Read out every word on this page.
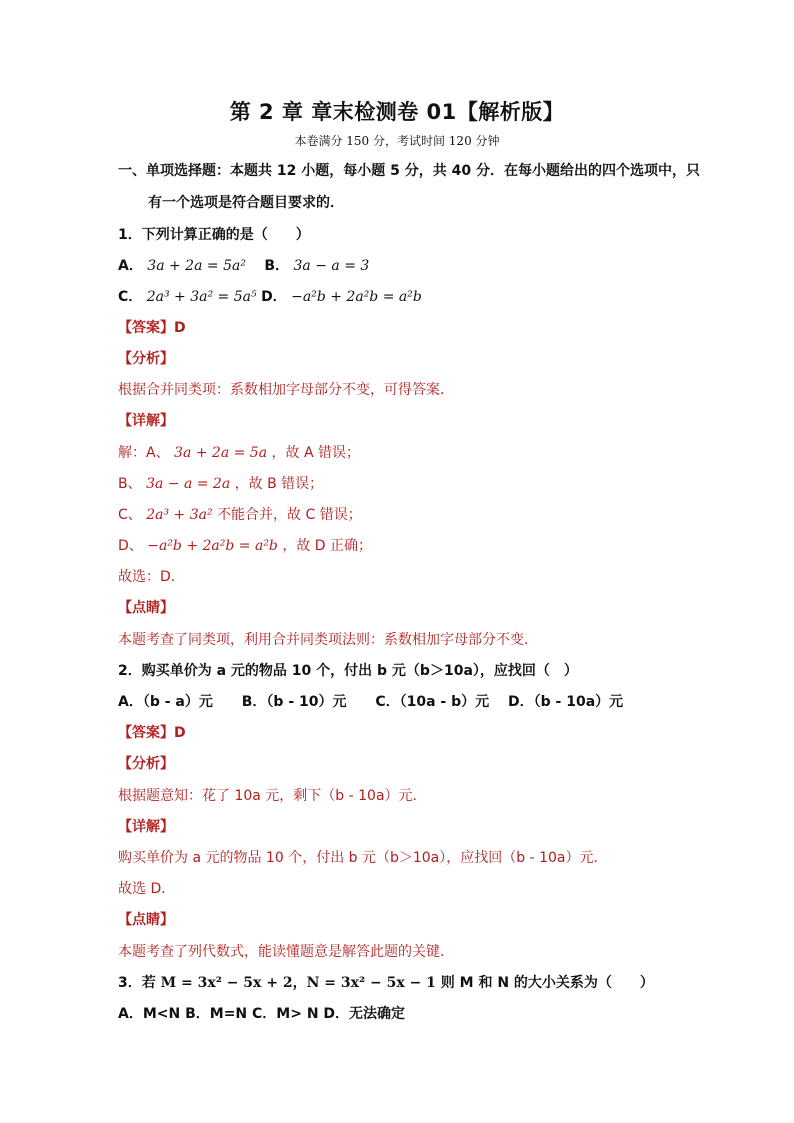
第 2 章 章末检测卷 01【解析版】
本卷满分 150 分，考试时间 120 分钟
一、单项选择题：本题共 12 小题，每小题 5 分，共 40 分．在每小题给出的四个选项中，只
有一个选项是符合题目要求的．
1．下列计算正确的是（　　）
A． 3a + 2a = 5a² B． 3a − a = 3
C． 2a³ + 3a² = 5a⁵ D． −a²b + 2a²b = a²b
【答案】D
【分析】
根据合并同类项：系数相加字母部分不变，可得答案．
【详解】
解：A、 3a + 2a = 5a ，故 A 错误；
B、 3a − a = 2a ，故 B 错误；
C、 2a³ + 3a² 不能合并，故 C 错误；
D、 −a²b + 2a²b = a²b ，故 D 正确；
故选：D．
【点睛】
本题考查了同类项，利用合并同类项法则：系数相加字母部分不变．
2．购买单价为 a 元的物品 10 个，付出 b 元（b＞10a），应找回（　）
A．（b - a）元 B．（b - 10）元 C．（10a - b）元 D．（b - 10a）元
【答案】D
【分析】
根据题意知：花了 10a 元，剩下（b - 10a）元．
【详解】
购买单价为 a 元的物品 10 个，付出 b 元（b＞10a），应找回（b - 10a）元．
故选 D．
【点睛】
本题考查了列代数式，能读懂题意是解答此题的关键．
3．若 M = 3x² − 5x + 2，N = 3x² − 5x − 1 则 M 和 N 的大小关系为（　　）
A．M<N B．M=N C．M> N D．无法确定
